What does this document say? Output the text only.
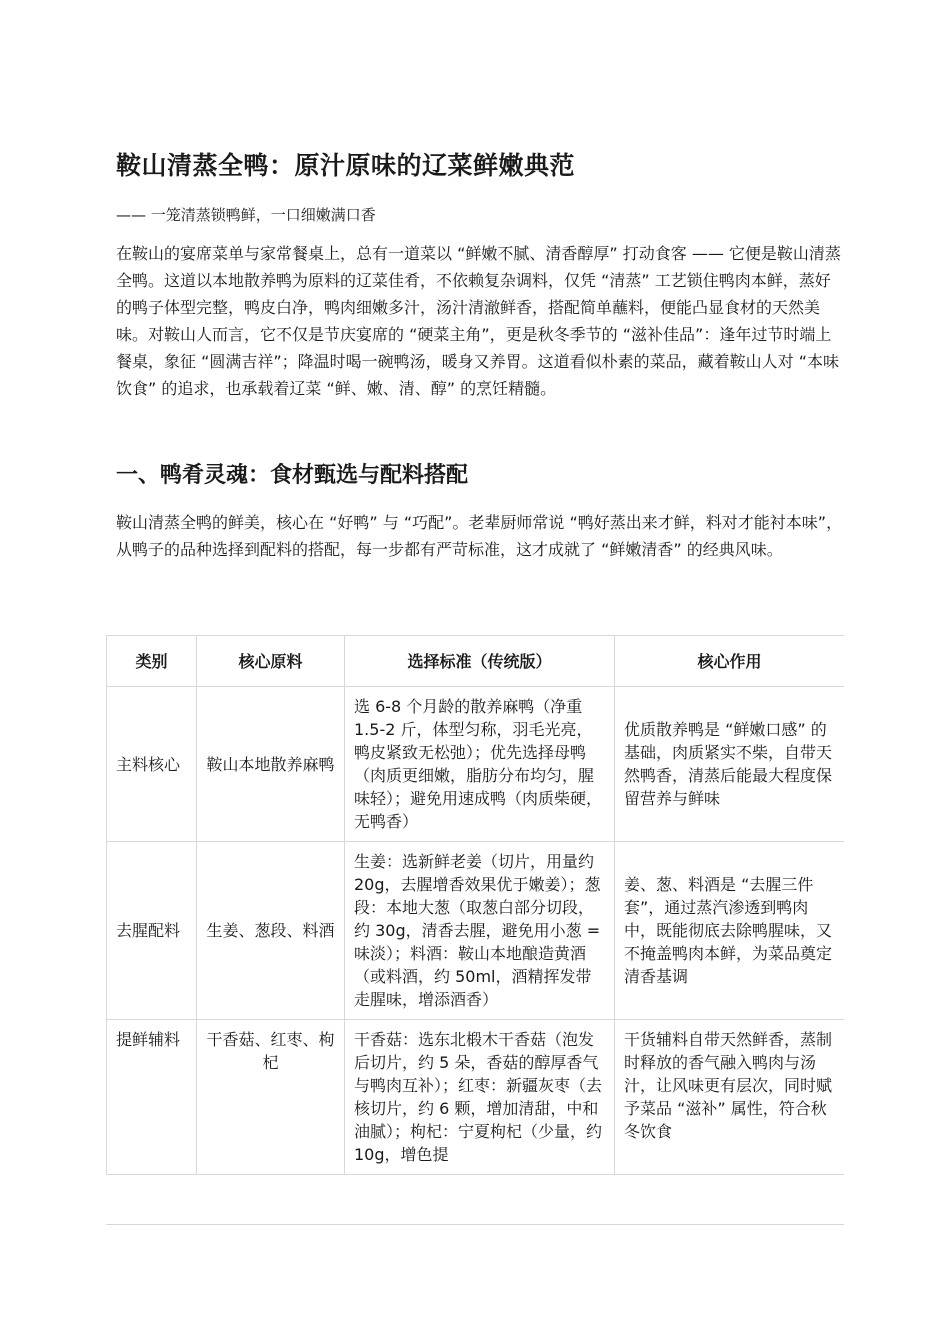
鞍山清蒸全鸭：原汁原味的辽菜鲜嫩典范

—— 一笼清蒸锁鸭鲜，一口细嫩满口香

在鞍山的宴席菜单与家常餐桌上，总有一道菜以 “鲜嫩不腻、清香醇厚” 打动食客 —— 它便是鞍山清蒸全鸭。这道以本地散养鸭为原料的辽菜佳肴，不依赖复杂调料，仅凭 “清蒸” 工艺锁住鸭肉本鲜，蒸好的鸭子体型完整，鸭皮白净，鸭肉细嫩多汁，汤汁清澈鲜香，搭配简单蘸料，便能凸显食材的天然美味。对鞍山人而言，它不仅是节庆宴席的 “硬菜主角”，更是秋冬季节的 “滋补佳品”：逢年过节时端上餐桌，象征 “圆满吉祥”；降温时喝一碗鸭汤，暖身又养胃。这道看似朴素的菜品，藏着鞍山人对 “本味饮食” 的追求，也承载着辽菜 “鲜、嫩、清、醇” 的烹饪精髓。

一、鸭肴灵魂：食材甄选与配料搭配

鞍山清蒸全鸭的鲜美，核心在 “好鸭” 与 “巧配”。老辈厨师常说 “鸭好蒸出来才鲜，料对才能衬本味”，从鸭子的品种选择到配料的搭配，每一步都有严苛标准，这才成就了 “鲜嫩清香” 的经典风味。

类别	核心原料	选择标准（传统版）	核心作用
主料核心	鞍山本地散养麻鸭	选 6-8 个月龄的散养麻鸭（净重 1.5-2 斤，体型匀称，羽毛光亮，鸭皮紧致无松弛）；优先选择母鸭（肉质更细嫩，脂肪分布均匀，腥味轻）；避免用速成鸭（肉质柴硬，无鸭香）	优质散养鸭是 “鲜嫩口感” 的基础，肉质紧实不柴，自带天然鸭香，清蒸后能最大程度保留营养与鲜味
去腥配料	生姜、葱段、料酒	生姜：选新鲜老姜（切片，用量约 20g，去腥增香效果优于嫩姜）；葱段：本地大葱（取葱白部分切段，约 30g，清香去腥，避免用小葱 = 味淡）；料酒：鞍山本地酿造黄酒（或料酒，约 50ml，酒精挥发带走腥味，增添酒香）	姜、葱、料酒是 “去腥三件套”，通过蒸汽渗透到鸭肉中，既能彻底去除鸭腥味，又不掩盖鸭肉本鲜，为菜品奠定清香基调
提鲜辅料	干香菇、红枣、枸杞	干香菇：选东北椴木干香菇（泡发后切片，约 5 朵，香菇的醇厚香气与鸭肉互补）；红枣：新疆灰枣（去核切片，约 6 颗，增加清甜，中和油腻）；枸杞：宁夏枸杞（少量，约 10g，增色提	干货辅料自带天然鲜香，蒸制时释放的香气融入鸭肉与汤汁，让风味更有层次，同时赋予菜品 “滋补” 属性，符合秋冬饮食
